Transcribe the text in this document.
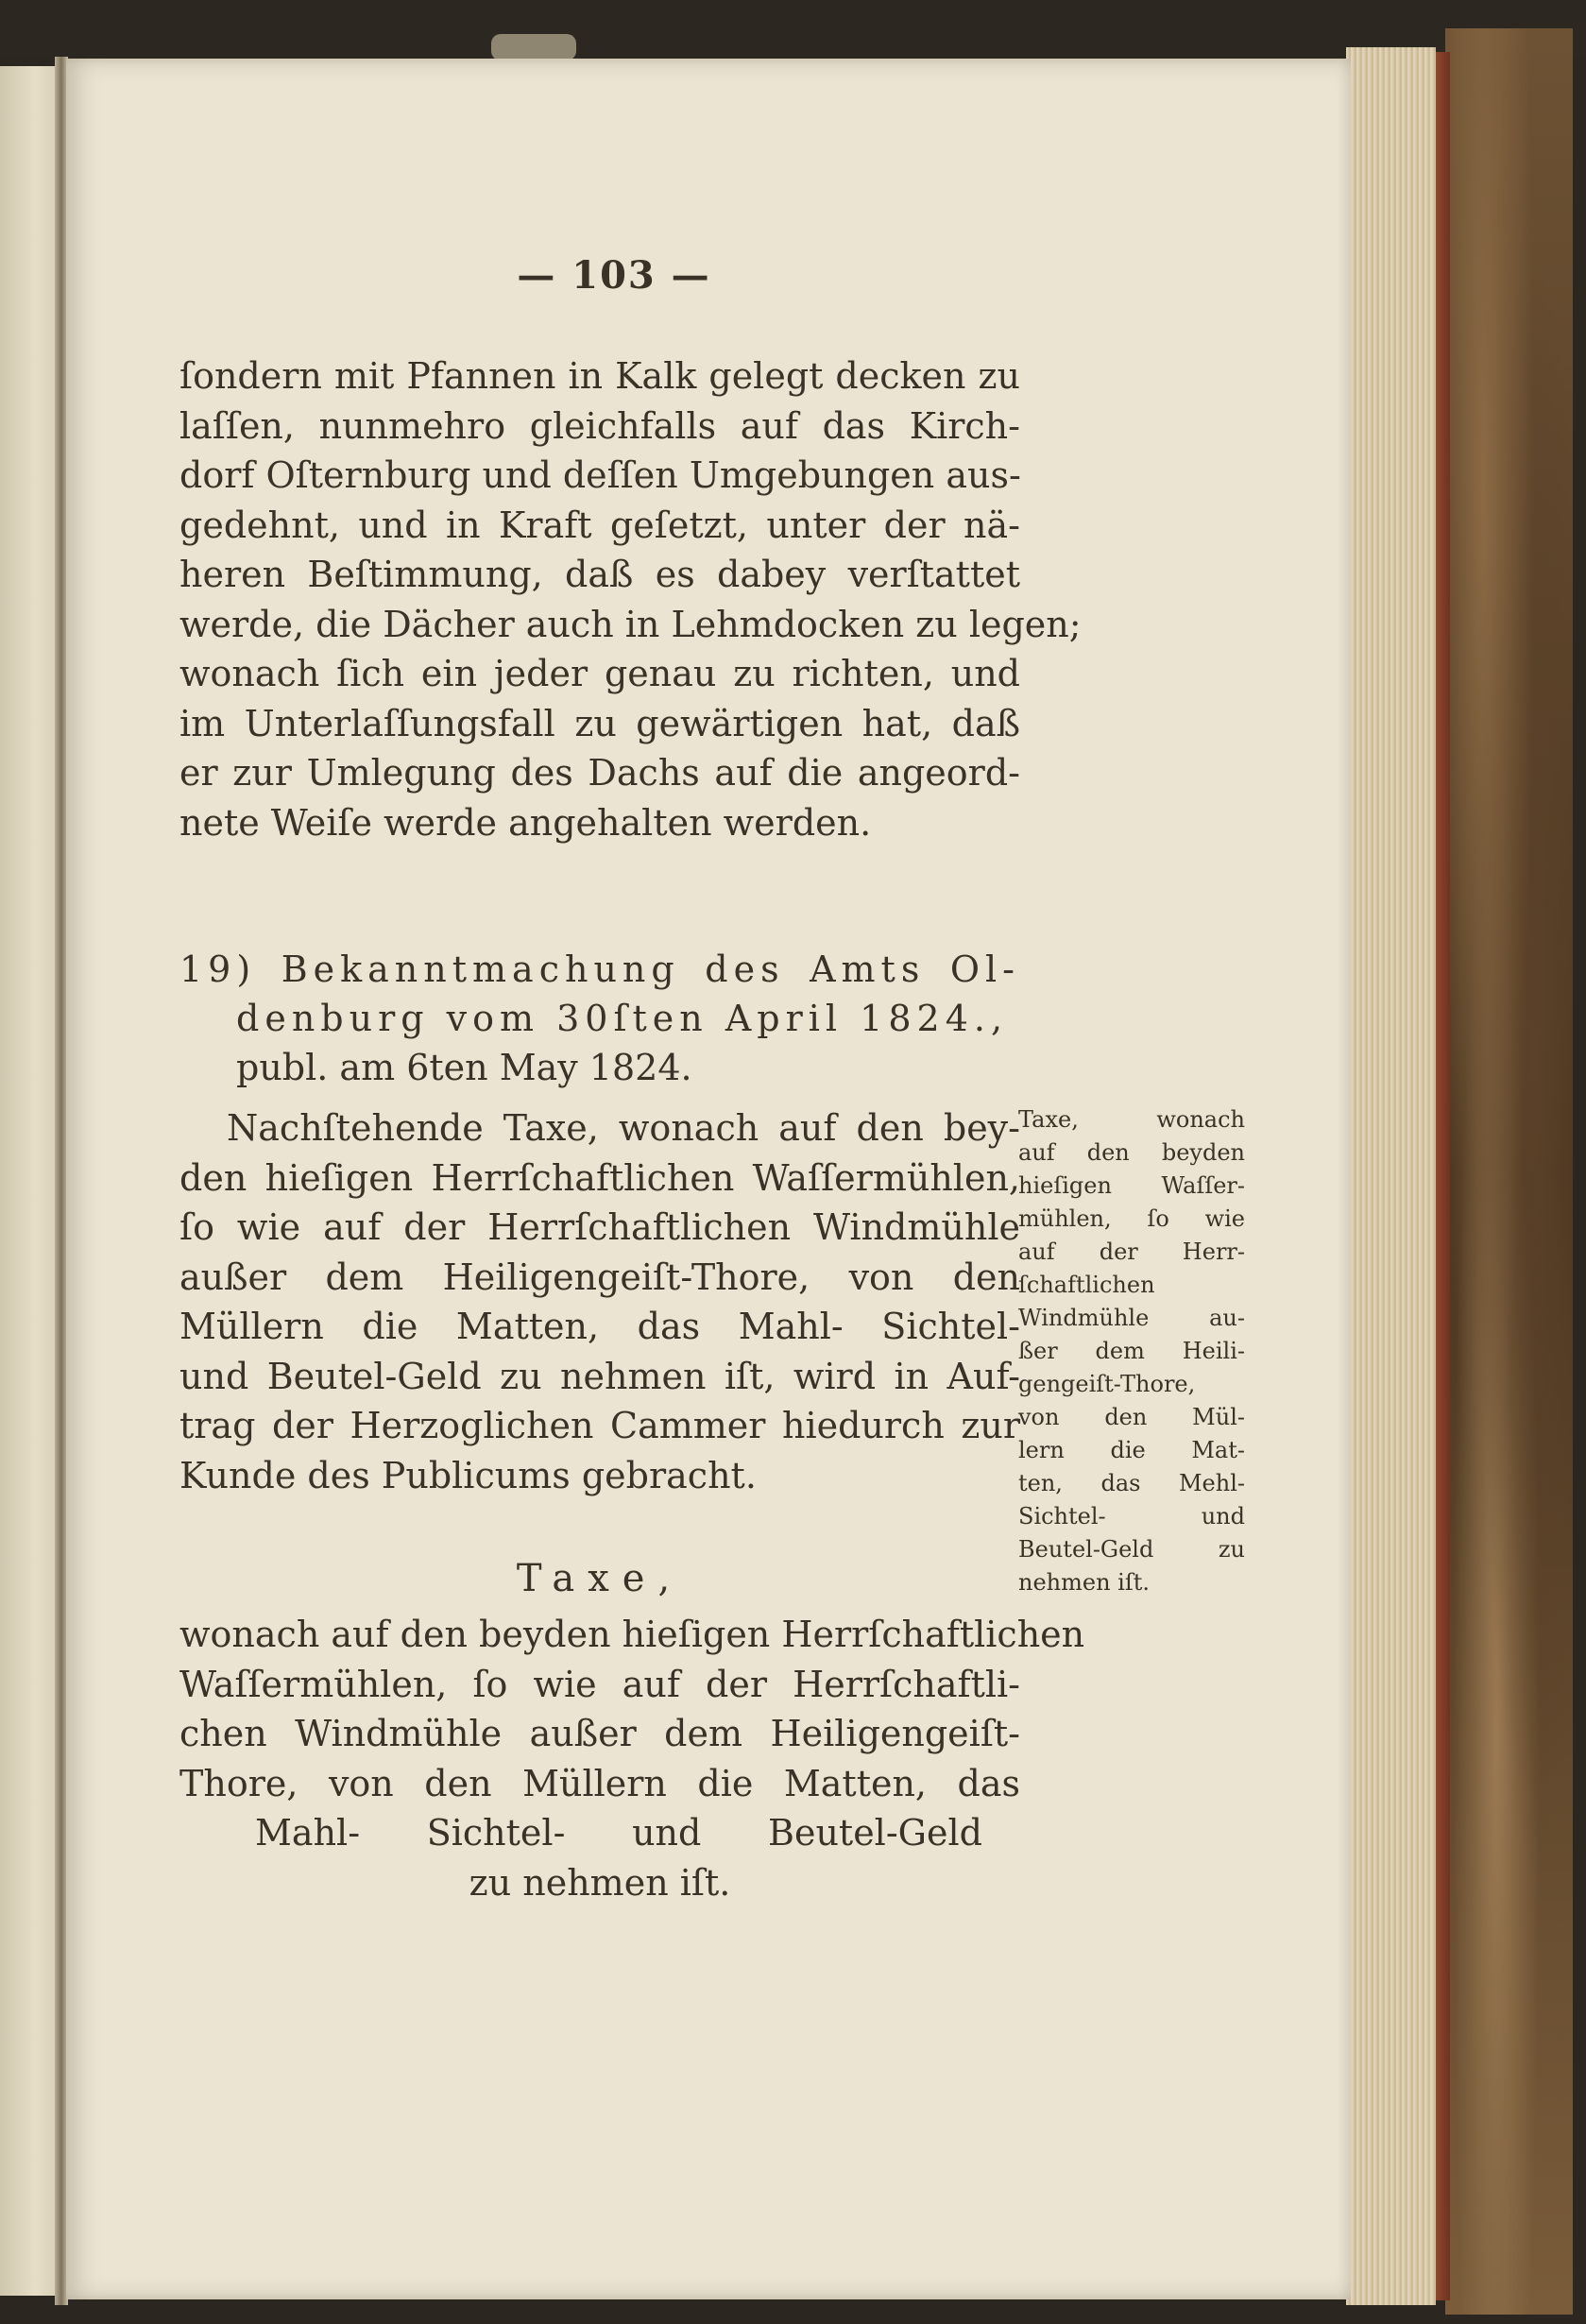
— 103 —
ſondern mit Pfannen in Kalk gelegt decken zu
laſſen, nunmehro gleichfalls auf das Kirch-
dorf Oſternburg und deſſen Umgebungen aus-
gedehnt, und in Kraft geſetzt, unter der nä-
heren Beſtimmung, daß es dabey verſtattet
werde, die Dächer auch in Lehmdocken zu legen;
wonach ſich ein jeder genau zu richten, und
im Unterlaſſungsfall zu gewärtigen hat, daß
er zur Umlegung des Dachs auf die angeord-
nete Weiſe werde angehalten werden.
19) Bekanntmachung des Amts Ol-
denburg vom 30ſten April 1824.,
publ. am 6ten May 1824.
Nachſtehende Taxe, wonach auf den bey-
den hieſigen Herrſchaftlichen Waſſermühlen,
ſo wie auf der Herrſchaftlichen Windmühle
außer dem Heiligengeiſt-Thore, von den
Müllern die Matten, das Mahl- Sichtel-
und Beutel-Geld zu nehmen iſt, wird in Auf-
trag der Herzoglichen Cammer hiedurch zur
Kunde des Publicums gebracht.
Taxe,
wonach auf den beyden hieſigen Herrſchaftlichen
Waſſermühlen, ſo wie auf der Herrſchaftli-
chen Windmühle außer dem Heiligengeiſt-
Thore, von den Müllern die Matten, das
Mahl- Sichtel- und Beutel-Geld
zu nehmen iſt.
Taxe, wonach
auf den beyden
hieſigen Waſſer-
mühlen, ſo wie
auf der Herr-
ſchaftlichen
Windmühle au-
ßer dem Heili-
gengeiſt-Thore,
von den Mül-
lern die Mat-
ten, das Mehl-
Sichtel- und
Beutel-Geld zu
nehmen iſt.
